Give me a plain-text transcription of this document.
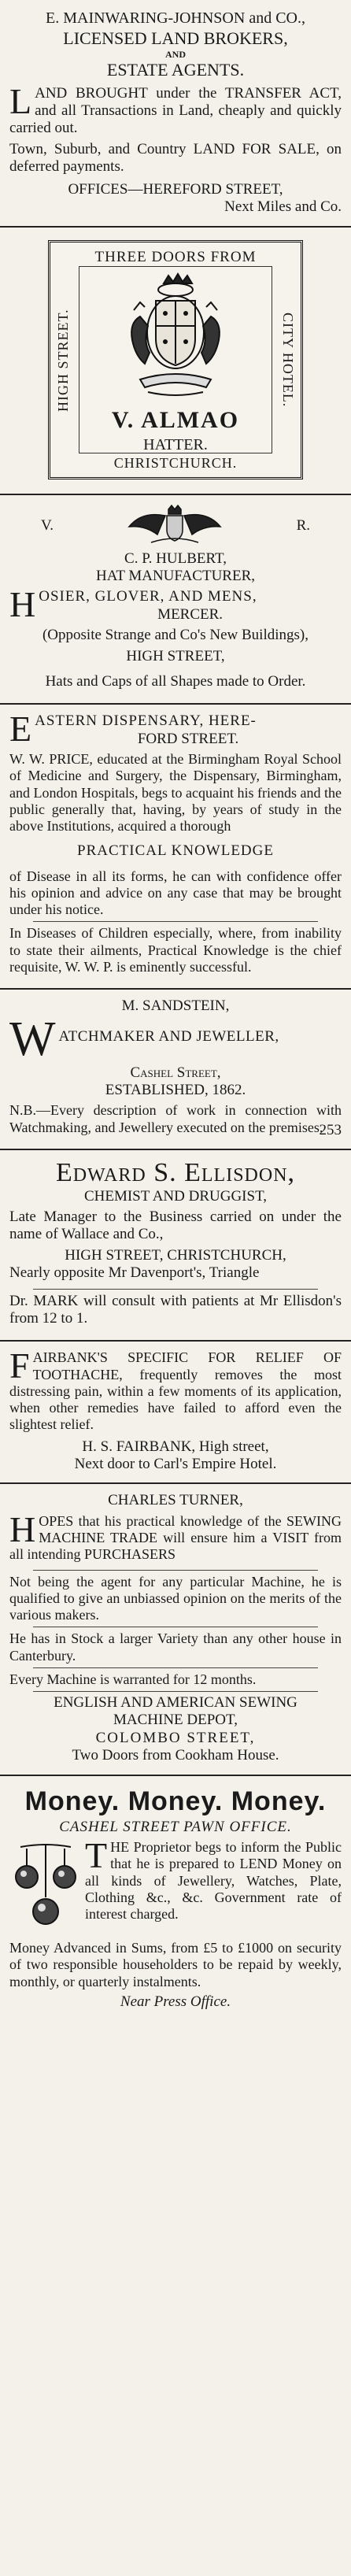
E. MAINWARING-JOHNSON and CO.,
LICENSED LAND BROKERS,
AND
ESTATE AGENTS.
L AND BROUGHT under the TRANSFER ACT, and all Transactions in Land, cheaply and quickly carried out.

Town, Suburb, and Country LAND FOR SALE, on deferred payments.

OFFICES—HEREFORD STREET,
Next Miles and Co.
THREE DOORS FROM
HIGH STREET.	CITY HOTEL.
V. ALMAO
HATTER.
CHRISTCHURCH.
V.	R.
C. P. HULBERT,
HAT MANUFACTURER,
H OSIER, GLOVER, AND MENS,
MERCER.

(Opposite Strange and Co's New Buildings),

HIGH STREET,

Hats and Caps of all Shapes made to Order.

E ASTERN DISPENSARY, HERE-
FORD STREET.

W. W. PRICE, educated at the Birmingham Royal School of Medicine and Surgery, the Dispensary, Birmingham, and London Hospitals, begs to acquaint his friends and the public generally that, having, by years of study in the above Institutions, acquired a thorough

PRACTICAL KNOWLEDGE

of Disease in all its forms, he can with confidence offer his opinion and advice on any case that may be brought under his notice.

In Diseases of Children especially, where, from inability to state their ailments, Practical Knowledge is the chief requisite, W. W. P. is eminently successful.

M. SANDSTEIN,
W ATCHMAKER AND JEWELLER,
Cashel Street,
ESTABLISHED, 1862.

N.B.—Every description of work in connection with Watchmaking, and Jewellery executed on the premises.

253
Edward S. Ellisdon,
CHEMIST AND DRUGGIST,

Late Manager to the Business carried on under the name of Wallace and Co.,

HIGH STREET, CHRISTCHURCH,
Nearly opposite Mr Davenport's, Triangle

Dr. MARK will consult with patients at Mr Ellisdon's from 12 to 1.

F AIRBANK'S SPECIFIC FOR RELIEF OF TOOTHACHE, frequently removes the most distressing pain, within a few moments of its application, when other remedies have failed to afford even the slightest relief.
H. S. FAIRBANK, High street,
Next door to Carl's Empire Hotel.
CHARLES TURNER,
H OPES that his practical knowledge of the SEWING MACHINE TRADE will ensure him a VISIT from all intending PURCHASERS

Not being the agent for any particular Machine, he is qualified to give an unbiassed opinion on the merits of the various makers.

He has in Stock a larger Variety than any other house in Canterbury.

Every Machine is warranted for 12 months.

ENGLISH AND AMERICAN SEWING
MACHINE DEPOT,
COLOMBO STREET,
Two Doors from Cookham House.
Money. Money. Money.
CASHEL STREET PAWN OFFICE.
T HE Proprietor begs to inform the Public that he is prepared to LEND Money on all kinds of Jewellery, Watches, Plate, Clothing &c., &c. Government rate of interest charged.

Money Advanced in Sums, from £5 to £1000 on security of two responsible householders to be repaid by weekly, monthly, or quarterly instalments.

Near Press Office.
